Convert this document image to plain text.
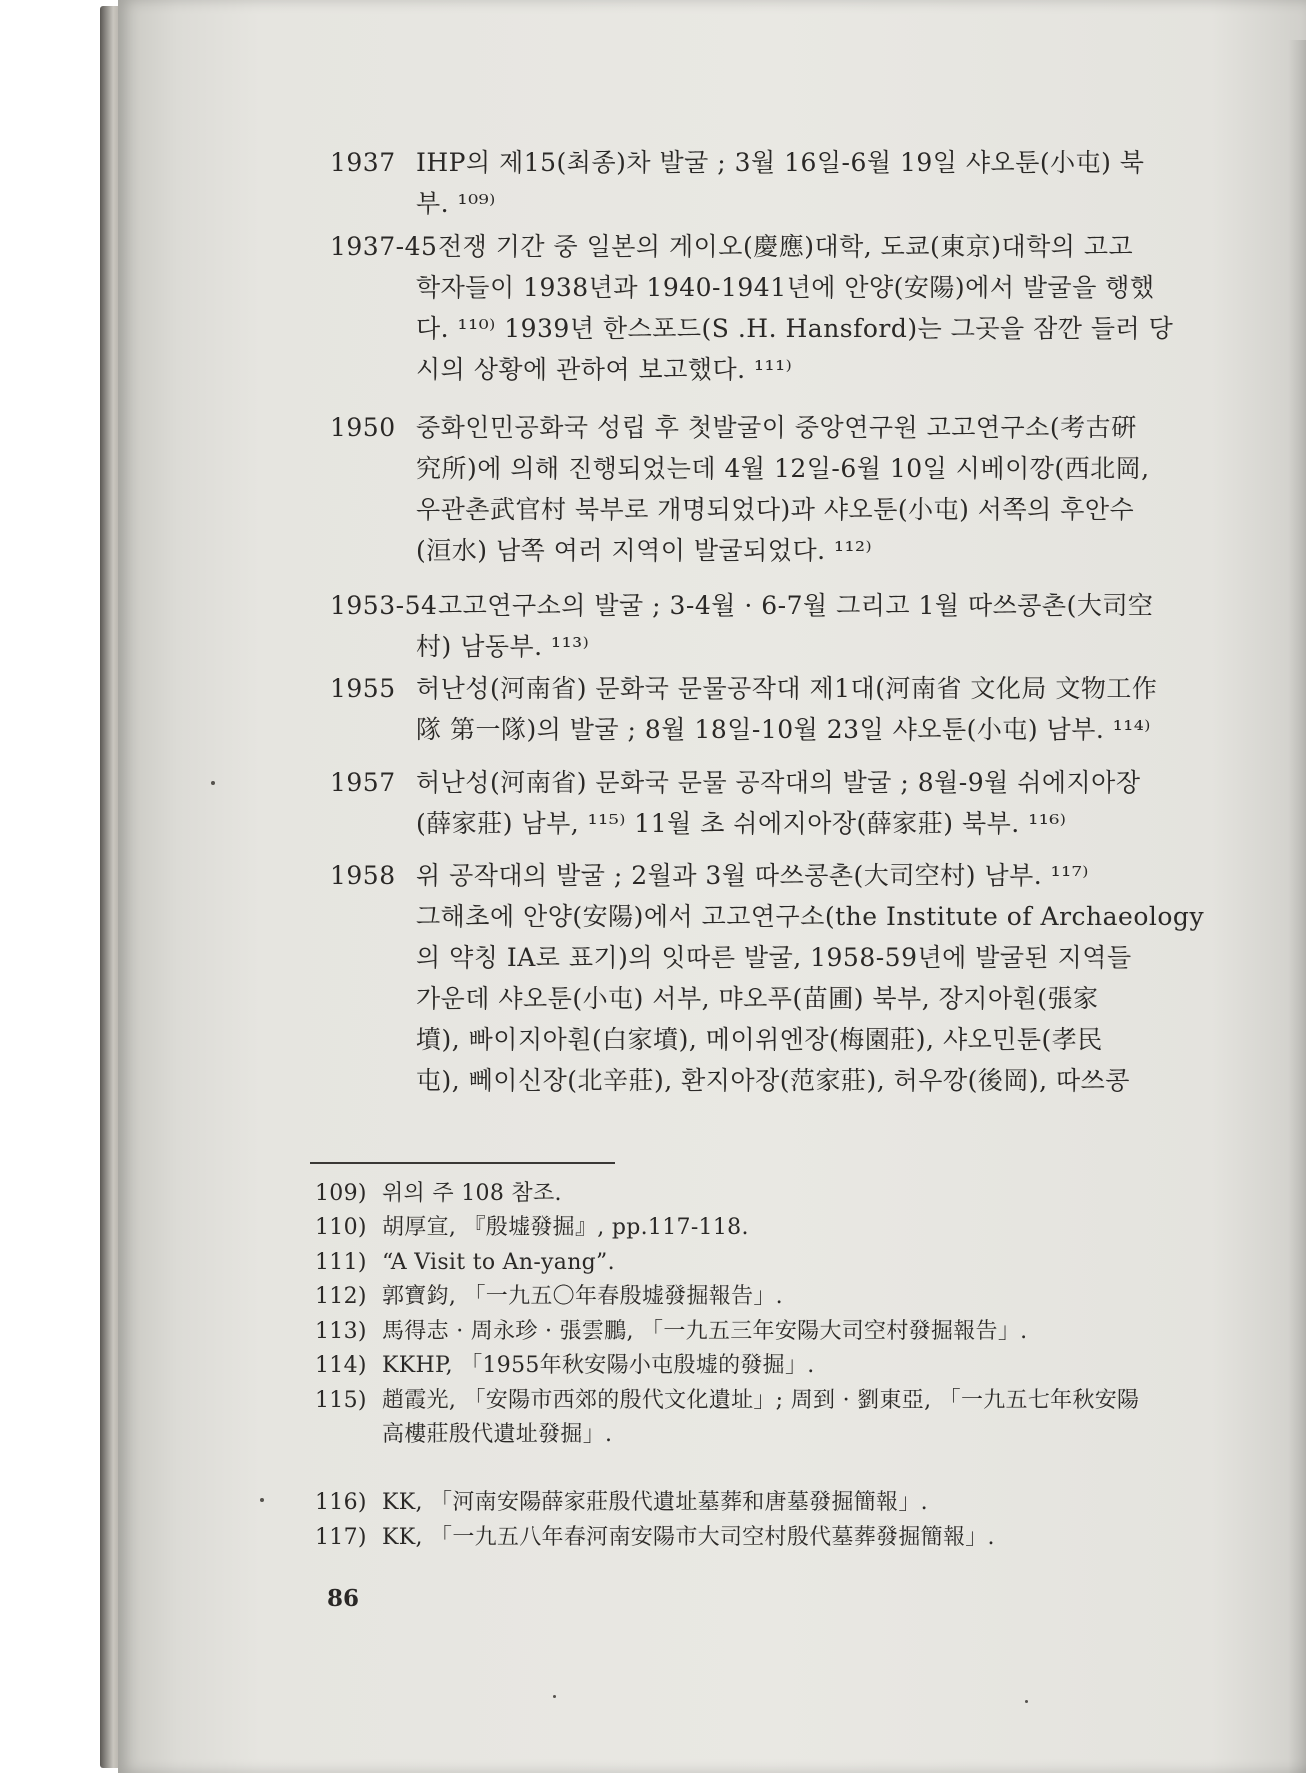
1937 IHP의 제15(최종)차 발굴 ; 3월 16일-6월 19일 샤오툰(小屯) 북
부. ¹⁰⁹⁾
1937-45 전쟁 기간 중 일본의 게이오(慶應)대학, 도쿄(東京)대학의 고고
학자들이 1938년과 1940-1941년에 안양(安陽)에서 발굴을 행했
다. ¹¹⁰⁾ 1939년 한스포드(S .H. Hansford)는 그곳을 잠깐 들러 당
시의 상황에 관하여 보고했다. ¹¹¹⁾
1950 중화인민공화국 성립 후 첫발굴이 중앙연구원 고고연구소(考古硏
究所)에 의해 진행되었는데 4월 12일-6월 10일 시베이깡(西北岡,
우관촌武官村 북부로 개명되었다)과 샤오툰(小屯) 서쪽의 후안수
(洹水) 남쪽 여러 지역이 발굴되었다. ¹¹²⁾
1953-54 고고연구소의 발굴 ; 3-4월 · 6-7월 그리고 1월 따쓰콩촌(大司空
村) 남동부. ¹¹³⁾
1955 허난성(河南省) 문화국 문물공작대 제1대(河南省 文化局 文物工作
隊 第一隊)의 발굴 ; 8월 18일-10월 23일 샤오툰(小屯) 남부. ¹¹⁴⁾
1957 허난성(河南省) 문화국 문물 공작대의 발굴 ; 8월-9월 쉬에지아장
(薛家莊) 남부, ¹¹⁵⁾ 11월 초 쉬에지아장(薛家莊) 북부. ¹¹⁶⁾
1958 위 공작대의 발굴 ; 2월과 3월 따쓰콩촌(大司空村) 남부. ¹¹⁷⁾
그해초에 안양(安陽)에서 고고연구소(the Institute of Archaeology
의 약칭 IA로 표기)의 잇따른 발굴, 1958-59년에 발굴된 지역들
가운데 샤오툰(小屯) 서부, 먀오푸(苗圃) 북부, 장지아훤(張家
墳), 빠이지아훤(白家墳), 메이위엔장(梅園莊), 샤오민툰(孝民
屯), 뻬이신장(北辛莊), 환지아장(范家莊), 허우깡(後岡), 따쓰콩
109) 위의 주 108 참조.
110) 胡厚宣, 『殷墟發掘』, pp.117-118.
111) “A Visit to An-yang”.
112) 郭寶鈞, 「一九五〇年春殷墟發掘報告」.
113) 馬得志 · 周永珍 · 張雲鵬, 「一九五三年安陽大司空村發掘報告」.
114) KKHP, 「1955年秋安陽小屯殷墟的發掘」.
115) 趙霞光, 「安陽市西郊的殷代文化遺址」; 周到 · 劉東亞, 「一九五七年秋安陽
高樓莊殷代遺址發掘」.
116) KK, 「河南安陽薛家莊殷代遺址墓葬和唐墓發掘簡報」.
117) KK, 「一九五八年春河南安陽市大司空村殷代墓葬發掘簡報」.
86
